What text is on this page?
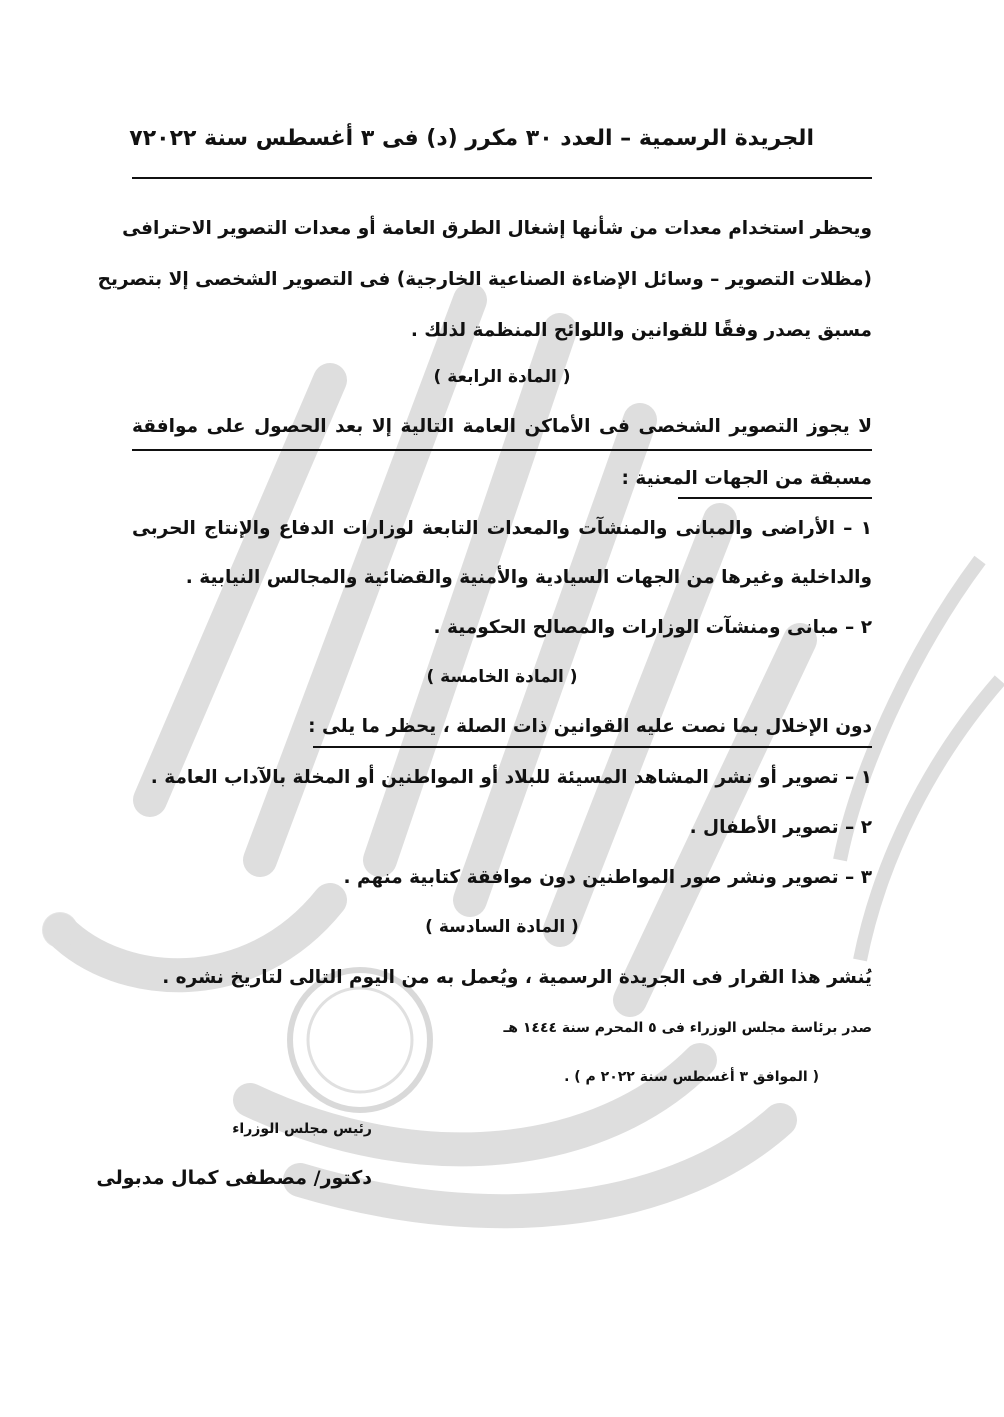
الجريدة الرسمية – العدد ٣٠ مكرر (د) فى ٣ أغسطس سنة ٢٠٢٢
٧
ويحظر استخدام معدات من شأنها إشغال الطرق العامة أو معدات التصوير الاحترافى
(مظلات التصوير – وسائل الإضاءة الصناعية الخارجية) فى التصوير الشخصى إلا بتصريح
مسبق يصدر وفقًا للقوانين واللوائح المنظمة لذلك .
( المادة الرابعة )
لا يجوز التصوير الشخصى فى الأماكن العامة التالية إلا بعد الحصول على موافقة
مسبقة من الجهات المعنية :
١ – الأراضى والمبانى والمنشآت والمعدات التابعة لوزارات الدفاع والإنتاج الحربى
والداخلية وغيرها من الجهات السيادية والأمنية والقضائية والمجالس النيابية .
٢ – مبانى ومنشآت الوزارات والمصالح الحكومية .
( المادة الخامسة )
دون الإخلال بما نصت عليه القوانين ذات الصلة ، يحظر ما يلى :
١ – تصوير أو نشر المشاهد المسيئة للبلاد أو المواطنين أو المخلة بالآداب العامة .
٢ – تصوير الأطفال .
٣ – تصوير ونشر صور المواطنين دون موافقة كتابية منهم .
( المادة السادسة )
يُنشر هذا القرار فى الجريدة الرسمية ، ويُعمل به من اليوم التالى لتاريخ نشره .
صدر برئاسة مجلس الوزراء فى ٥ المحرم سنة ١٤٤٤ هـ
( الموافق ٣ أغسطس سنة ٢٠٢٢ م ) .
رئيس مجلس الوزراء
دكتور/ مصطفى كمال مدبولى
